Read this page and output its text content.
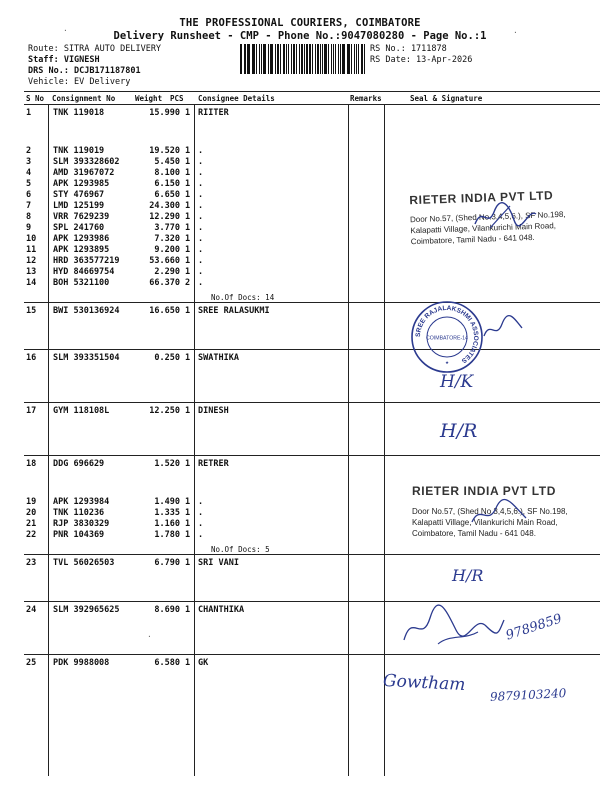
THE PROFESSIONAL COURIERS, COIMBATORE
Delivery Runsheet - CMP - Phone No.:9047080280 - Page No.:1
Route: SITRA AUTO DELIVERY
Staff: VIGNESH
DRS No.: DCJB171187801
Vehicle: EV Delivery
RS No.: 1711878
RS Date: 13-Apr-2026
S No Consignment No	Weight PCS Consignee Details	Remarks	Seal & Signature
1	TNK 119018	15.990 1 RIITER
2	TNK 119019	19.520 1 .
3	SLM 393328602	5.450 1 .
4	AMD 31967072	8.100 1 .
5	APK 1293985	6.150 1 .
6	STY 476967	6.650 1 .
7	LMD 125199	24.300 1 .
8	VRR 7629239	12.290 1 .
9	SPL 241760	3.770 1 .
10 APK 1293986	7.320 1 .
11 APK 1293895	9.200 1 .
12 HRD 363577219	53.660 1 .
13 HYD 84669754	2.290 1 .
14 BOH 5321100	66.370 2 .
15 BWI 530136924	16.650 1 SREE RALASUKMI
16 SLM 393351504	0.250 1 SWATHIKA
17 GYM 118108L	12.250 1 DINESH
18 DDG 696629	1.520 1 RETRER
19 APK 1293984	1.490 1 .
20 TNK 110236	1.335 1 .
21 RJP 3830329	1.160 1 .
22 PNR 104369	1.780 1 .
23 TVL 56026503	6.790 1 SRI VANI
24 SLM 392965625	8.690 1 CHANTHIKA
25 PDK 9988008	6.580 1 GK
No.Of Docs: 14
No.Of Docs: 5
RIETER INDIA PVT LTD
Door No.57, (Shed No.3,4,5,6.), SF No.198,
Kalapatti Village, Vilankurichi Main Road,
Coimbatore, Tamil Nadu - 641 048.
RIETER INDIA PVT LTD
Door No.57, (Shed No.3,4,5,6.), SF No.198,
Kalapatti Village, Vilankurichi Main Road,
Coimbatore, Tamil Nadu - 641 048.
SREE RAJALAKSHMI ASSOCIATES
COIMBATORE-14
★
H/K
H/R
H/R
Gowtham 9879103240
9789859
·	·
·
